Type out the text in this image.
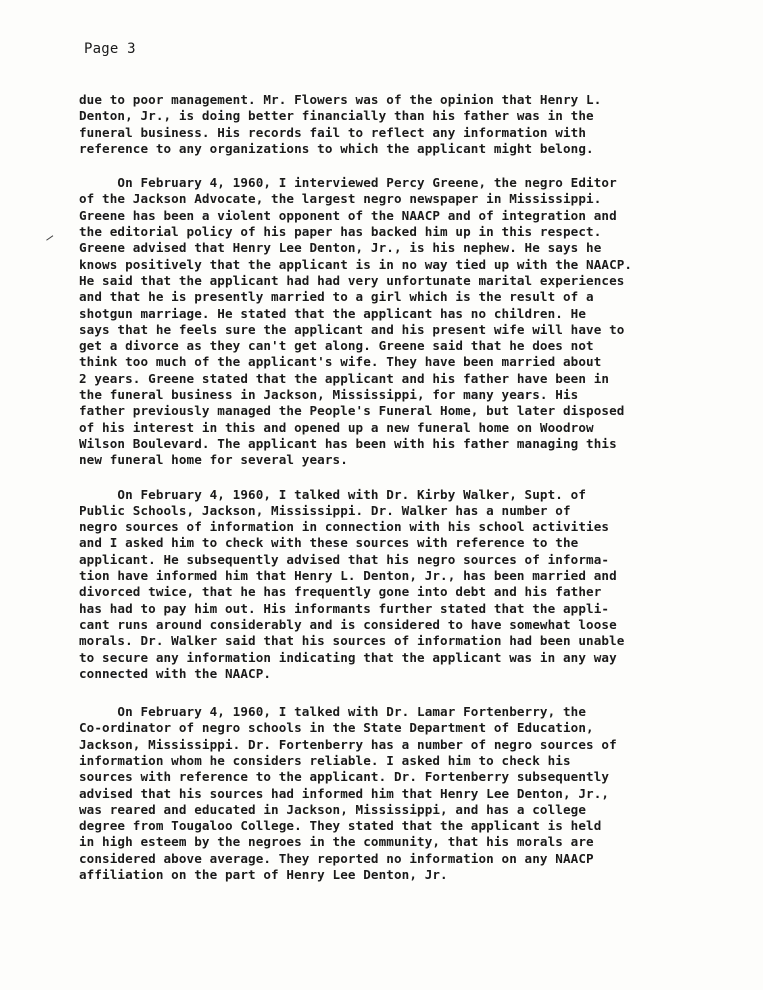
Page 3
due to poor management. Mr. Flowers was of the opinion that Henry L.
Denton, Jr., is doing better financially than his father was in the
funeral business. His records fail to reflect any information with
reference to any organizations to which the applicant might belong.
On February 4, 1960, I interviewed Percy Greene, the negro Editor
of the Jackson Advocate, the largest negro newspaper in Mississippi.
Greene has been a violent opponent of the NAACP and of integration and
the editorial policy of his paper has backed him up in this respect.
Greene advised that Henry Lee Denton, Jr., is his nephew. He says he
knows positively that the applicant is in no way tied up with the NAACP.
He said that the applicant had had very unfortunate marital experiences
and that he is presently married to a girl which is the result of a
shotgun marriage. He stated that the applicant has no children. He
says that he feels sure the applicant and his present wife will have to
get a divorce as they can't get along. Greene said that he does not
think too much of the applicant's wife. They have been married about
2 years. Greene stated that the applicant and his father have been in
the funeral business in Jackson, Mississippi, for many years. His
father previously managed the People's Funeral Home, but later disposed
of his interest in this and opened up a new funeral home on Woodrow
Wilson Boulevard. The applicant has been with his father managing this
new funeral home for several years.
On February 4, 1960, I talked with Dr. Kirby Walker, Supt. of
Public Schools, Jackson, Mississippi. Dr. Walker has a number of
negro sources of information in connection with his school activities
and I asked him to check with these sources with reference to the
applicant. He subsequently advised that his negro sources of informa-
tion have informed him that Henry L. Denton, Jr., has been married and
divorced twice, that he has frequently gone into debt and his father
has had to pay him out. His informants further stated that the appli-
cant runs around considerably and is considered to have somewhat loose
morals. Dr. Walker said that his sources of information had been unable
to secure any information indicating that the applicant was in any way
connected with the NAACP.
On February 4, 1960, I talked with Dr. Lamar Fortenberry, the
Co-ordinator of negro schools in the State Department of Education,
Jackson, Mississippi. Dr. Fortenberry has a number of negro sources of
information whom he considers reliable. I asked him to check his
sources with reference to the applicant. Dr. Fortenberry subsequently
advised that his sources had informed him that Henry Lee Denton, Jr.,
was reared and educated in Jackson, Mississippi, and has a college
degree from Tougaloo College. They stated that the applicant is held
in high esteem by the negroes in the community, that his morals are
considered above average. They reported no information on any NAACP
affiliation on the part of Henry Lee Denton, Jr.
